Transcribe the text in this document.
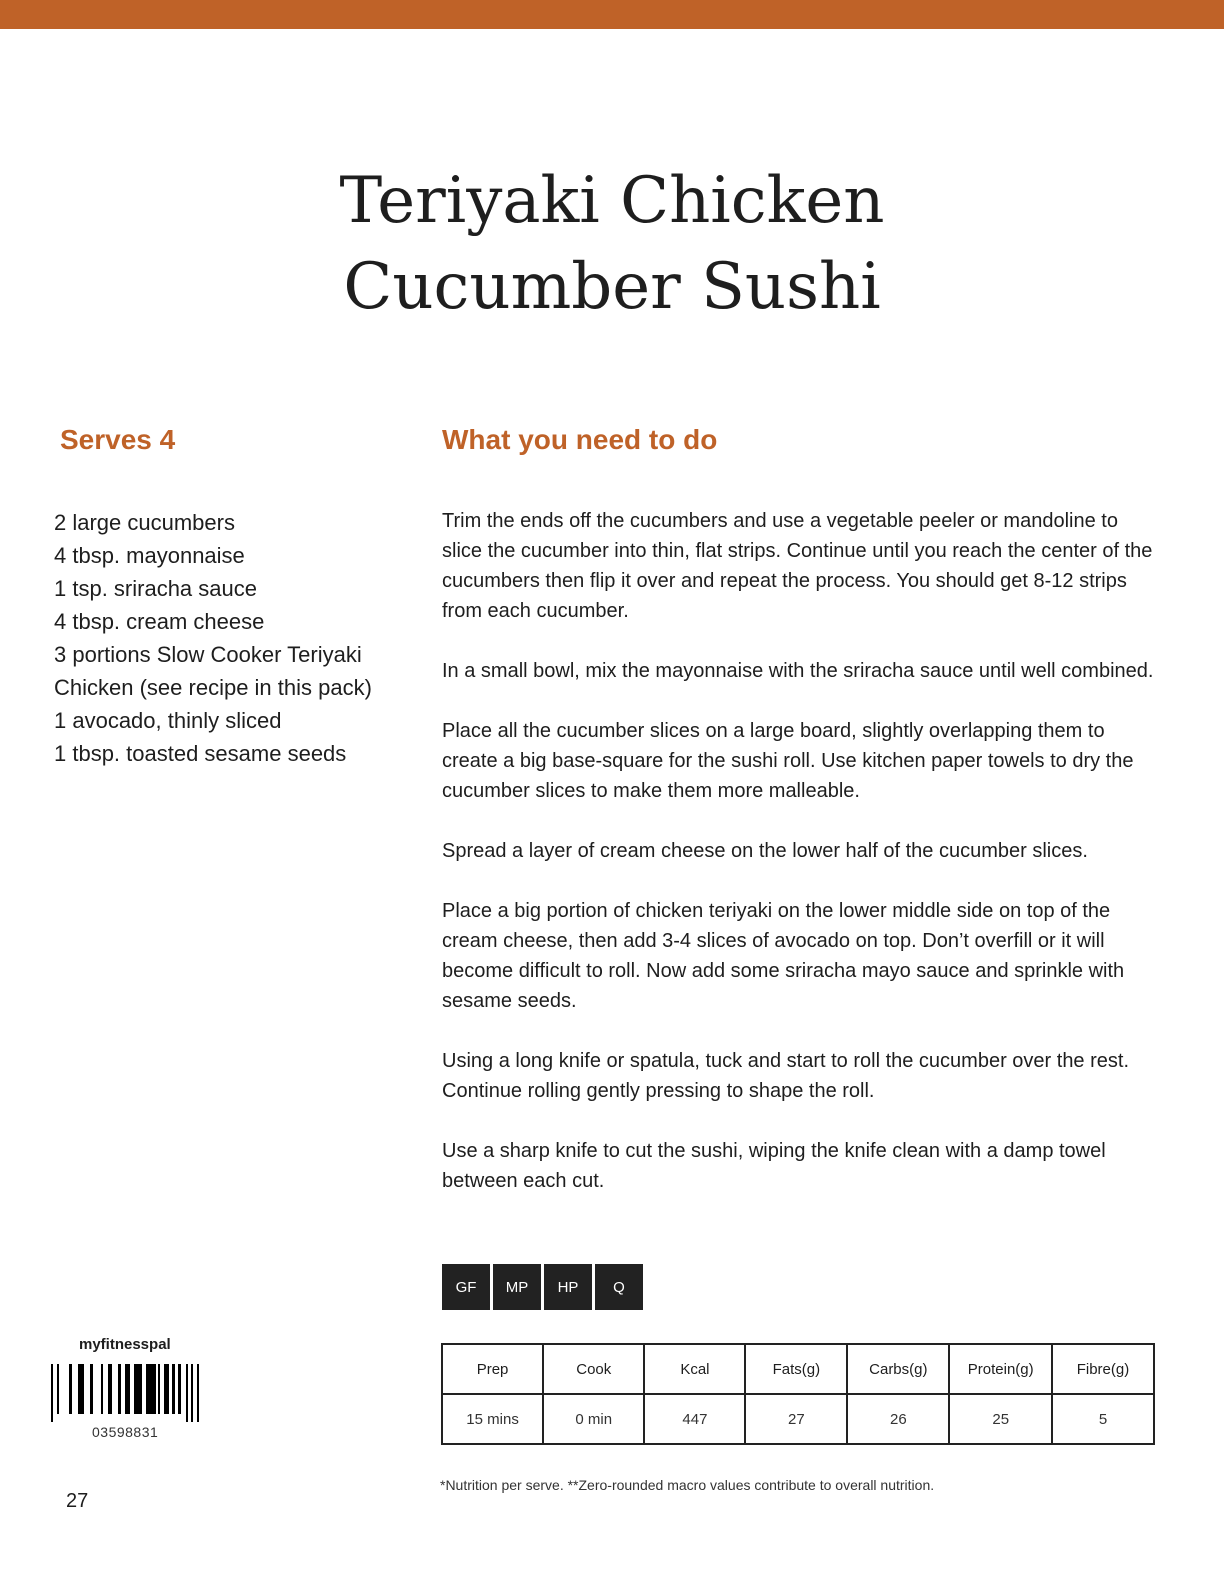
Teriyaki Chicken
Cucumber Sushi
Serves 4	What you need to do
2 large cucumbers
4 tbsp. mayonnaise
1 tsp. sriracha sauce
4 tbsp. cream cheese
3 portions Slow Cooker Teriyaki Chicken (see recipe in this pack)
1 avocado, thinly sliced
1 tbsp. toasted sesame seeds

Trim the ends off the cucumbers and use a vegetable peeler or mandoline to slice the cucumber into thin, flat strips. Continue until you reach the center of the cucumbers then flip it over and repeat the process. You should get 8-12 strips from each cucumber.

In a small bowl, mix the mayonnaise with the sriracha sauce until well combined.

Place all the cucumber slices on a large board, slightly overlapping them to create a big base-square for the sushi roll. Use kitchen paper towels to dry the cucumber slices to make them more malleable.

Spread a layer of cream cheese on the lower half of the cucumber slices.

Place a big portion of chicken teriyaki on the lower middle side on top of the cream cheese, then add 3-4 slices of avocado on top. Don’t overfill or it will become difficult to roll. Now add some sriracha mayo sauce and sprinkle with sesame seeds.

Using a long knife or spatula, tuck and start to roll the cucumber over the rest. Continue rolling gently pressing to shape the roll.

Use a sharp knife to cut the sushi, wiping the knife clean with a damp towel between each cut.

GF	MP	HP	Q
Prep	Cook	Kcal	Fats(g)	Carbs(g)	Protein(g)	Fibre(g)
15 mins	0 min	447	27	26	25	5
*Nutrition per serve. **Zero-rounded macro values contribute to overall nutrition.
myfitnesspal
03598831
27
